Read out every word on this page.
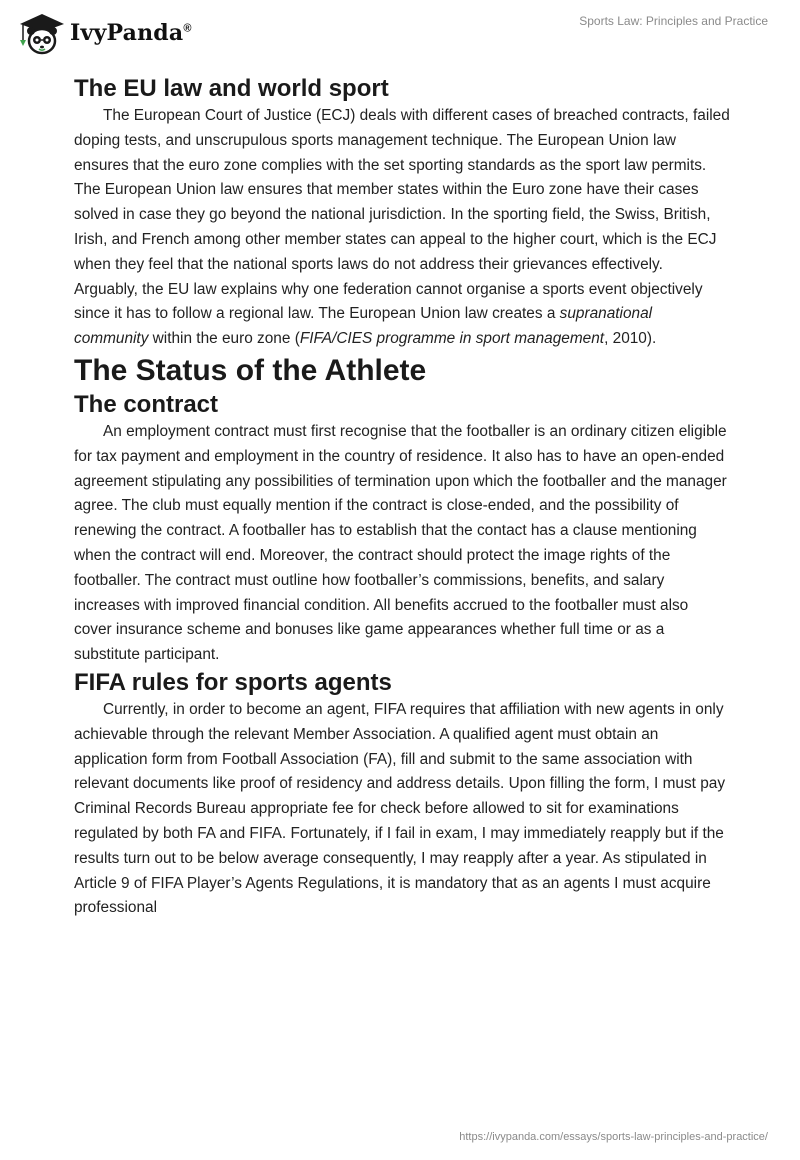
IvyPanda®
Sports Law: Principles and Practice
The EU law and world sport

The European Court of Justice (ECJ) deals with different cases of breached contracts, failed doping tests, and unscrupulous sports management technique. The European Union law ensures that the euro zone complies with the set sporting standards as the sport law permits. The European Union law ensures that member states within the Euro zone have their cases solved in case they go beyond the national jurisdiction. In the sporting field, the Swiss, British, Irish, and French among other member states can appeal to the higher court, which is the ECJ when they feel that the national sports laws do not address their grievances effectively. Arguably, the EU law explains why one federation cannot organise a sports event objectively since it has to follow a regional law. The European Union law creates a supranational community within the euro zone (FIFA/CIES programme in sport management, 2010).

The Status of the Athlete
The contract

An employment contract must first recognise that the footballer is an ordinary citizen eligible for tax payment and employment in the country of residence. It also has to have an open-ended agreement stipulating any possibilities of termination upon which the footballer and the manager agree. The club must equally mention if the contract is close-ended, and the possibility of renewing the contract. A footballer has to establish that the contact has a clause mentioning when the contract will end. Moreover, the contract should protect the image rights of the footballer. The contract must outline how footballer’s commissions, benefits, and salary increases with improved financial condition. All benefits accrued to the footballer must also cover insurance scheme and bonuses like game appearances whether full time or as a substitute participant.

FIFA rules for sports agents

Currently, in order to become an agent, FIFA requires that affiliation with new agents in only achievable through the relevant Member Association. A qualified agent must obtain an application form from Football Association (FA), fill and submit to the same association with relevant documents like proof of residency and address details. Upon filling the form, I must pay Criminal Records Bureau appropriate fee for check before allowed to sit for examinations regulated by both FA and FIFA. Fortunately, if I fail in exam, I may immediately reapply but if the results turn out to be below average consequently, I may reapply after a year. As stipulated in Article 9 of FIFA Player’s Agents Regulations, it is mandatory that as an agents I must acquire professional

https://ivypanda.com/essays/sports-law-principles-and-practice/
